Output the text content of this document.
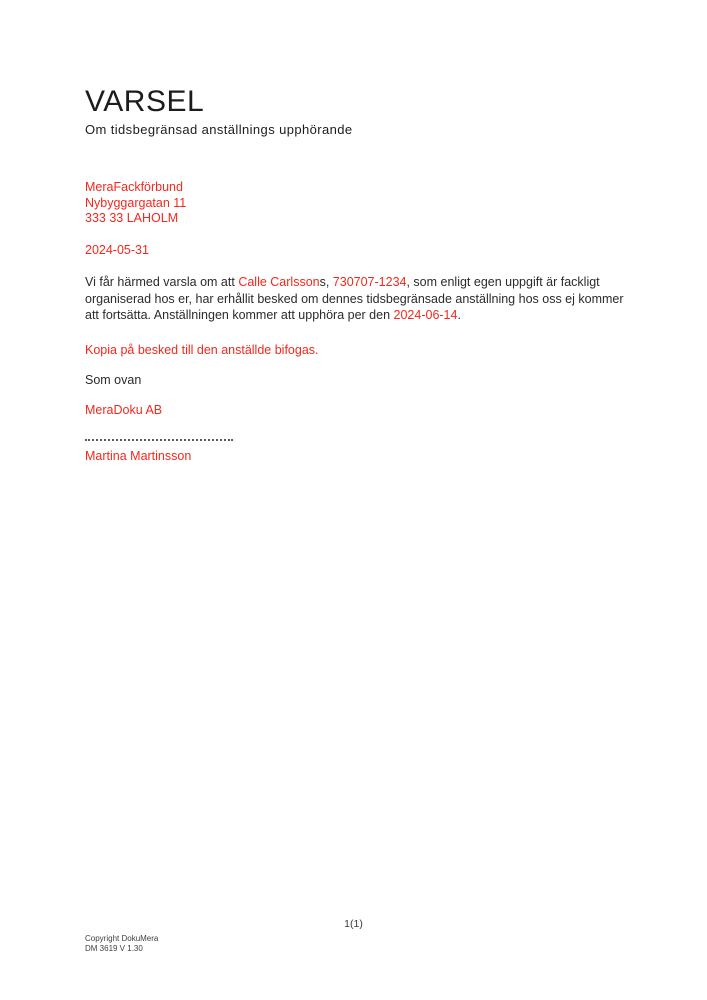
VARSEL
Om tidsbegränsad anställnings upphörande
MeraFackförbund
Nybyggargatan 11
333 33 LAHOLM
2024-05-31

Vi får härmed varsla om att Calle Carlssons, 730707-1234, som enligt egen uppgift är fackligt organiserad hos er, har erhållit besked om dennes tidsbegränsade anställning hos oss ej kommer att fortsätta. Anställningen kommer att upphöra per den 2024-06-14.

Kopia på besked till den anställde bifogas.
Som ovan
MeraDoku AB
Martina Martinsson
1(1)
Copyright DokuMera
DM 3619 V 1.30
